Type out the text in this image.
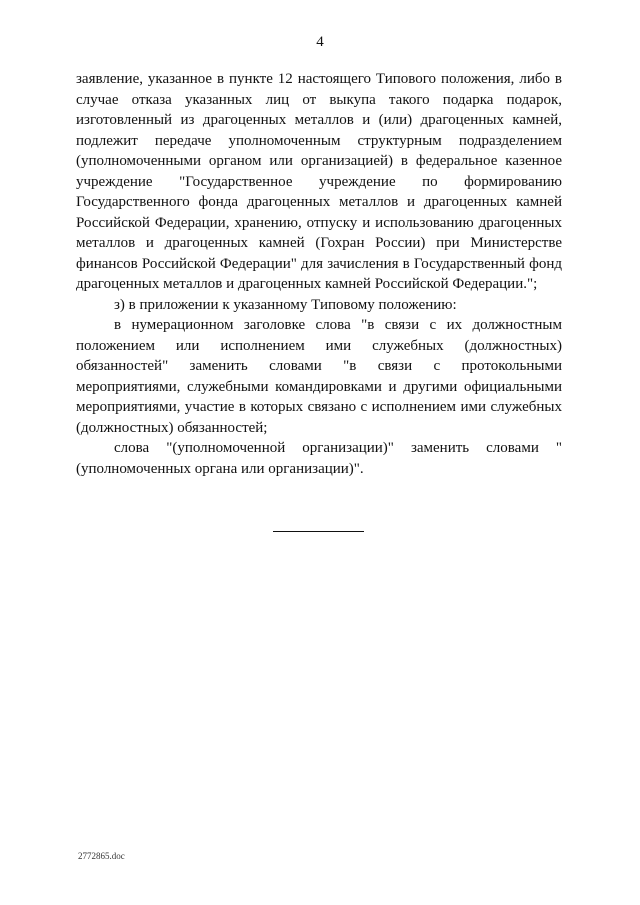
4

заявление, указанное в пункте 12 настоящего Типового положения, либо в случае отказа указанных лиц от выкупа такого подарка подарок, изготовленный из драгоценных металлов и (или) драгоценных камней, подлежит передаче уполномоченным структурным подразделением (уполномоченными органом или организацией) в федеральное казенное учреждение "Государственное учреждение по формированию Государственного фонда драгоценных металлов и драгоценных камней Российской Федерации, хранению, отпуску и использованию драгоценных металлов и драгоценных камней (Гохран России) при Министерстве финансов Российской Федерации" для зачисления в Государственный фонд драгоценных металлов и драгоценных камней Российской Федерации.";

з) в приложении к указанному Типовому положению:

в нумерационном заголовке слова "в связи с их должностным положением или исполнением ими служебных (должностных) обязанностей" заменить словами "в связи с протокольными мероприятиями, служебными командировками и другими официальными мероприятиями, участие в которых связано с исполнением ими служебных (должностных) обязанностей;

слова "(уполномоченной организации)" заменить словами "(уполномоченных органа или организации)".

2772865.doc
